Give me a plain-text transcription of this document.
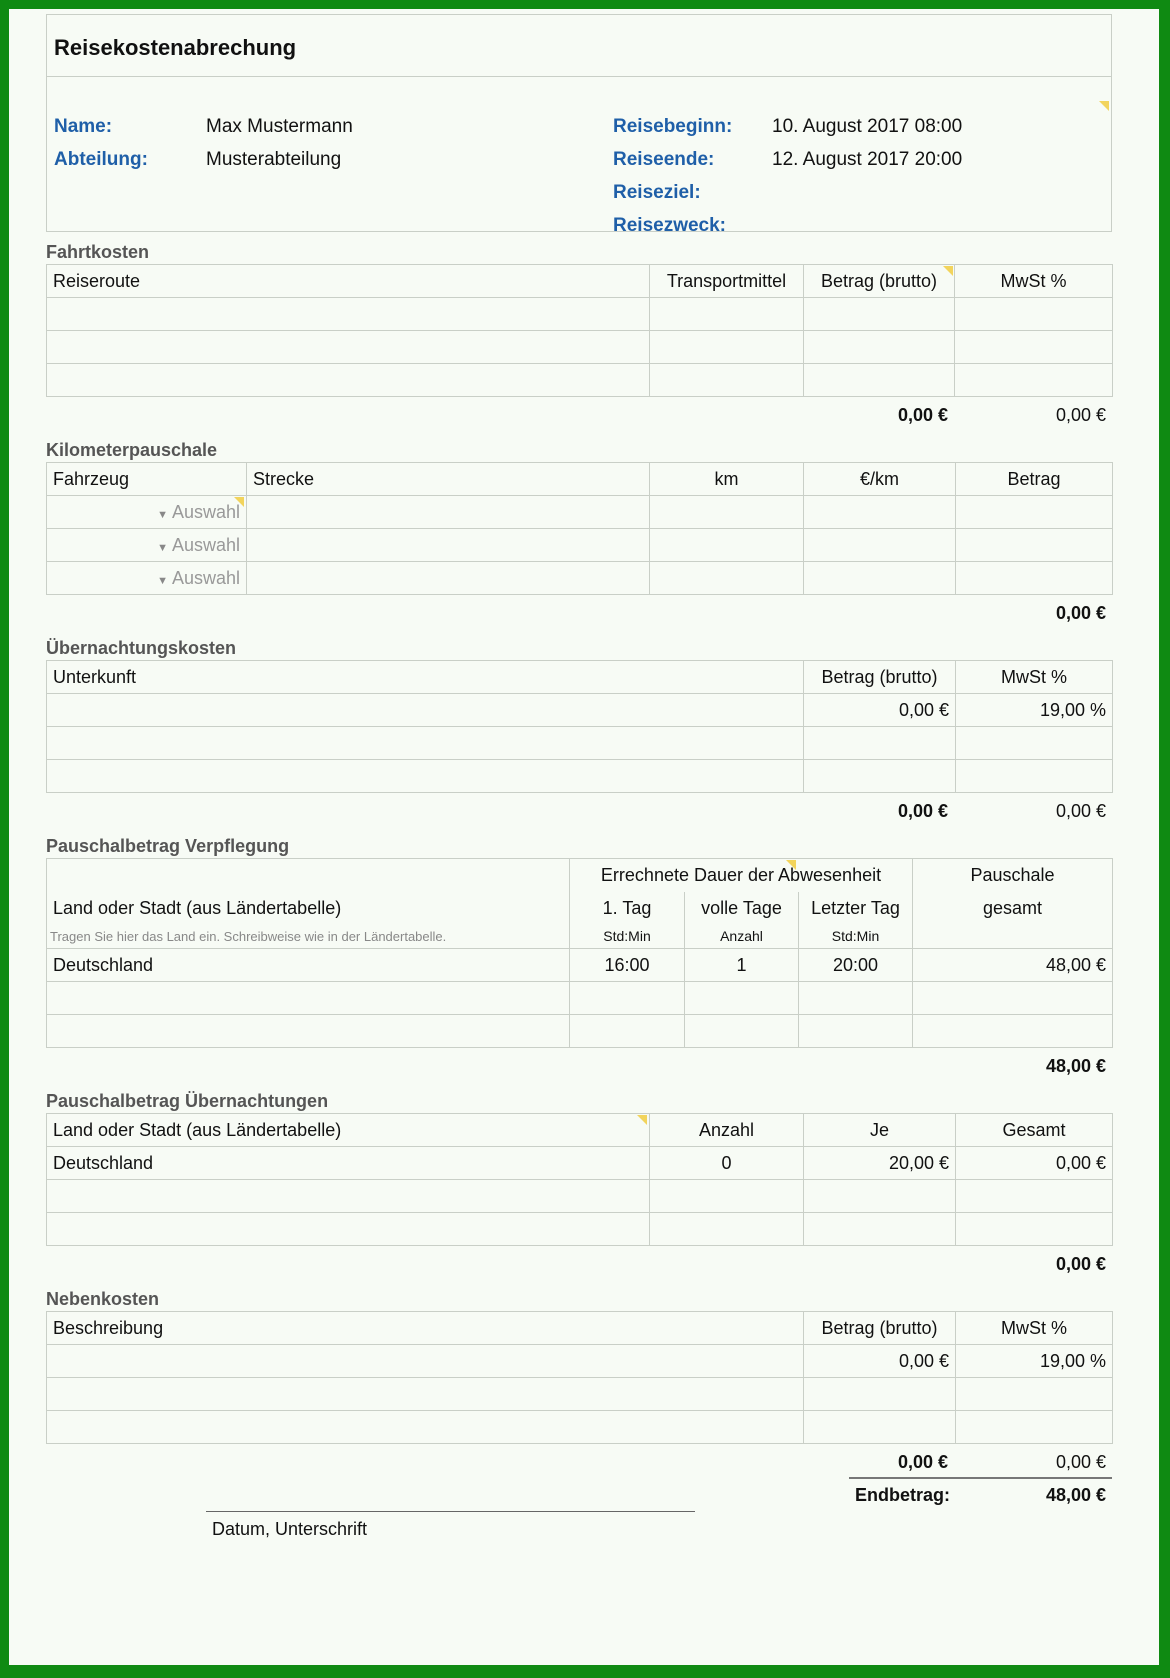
Reisekostenabrechung
Name:	Max Mustermann
Abteilung:	Musterabteilung
Reisebeginn: 10. August 2017 08:00
Reiseende:	12. August 2017 20:00
Reiseziel:
Reisezweck:
Fahrtkosten
Reiseroute	Transportmittel	Betrag (brutto)	MwSt %

0,00 €	0,00 €
Kilometerpauschale
Fahrzeug	Strecke	km	€/km	Betrag
▼ Auswahl				
▼ Auswahl				
▼ Auswahl				
0,00 €
Übernachtungskosten
Unterkunft	Betrag (brutto)	MwSt %
	0,00 €	19,00 %

0,00 €	0,00 €
Pauschalbetrag Verpflegung
	Errechnete Dauer der Abwesenheit			Pauschale
Land oder Stadt (aus Ländertabelle)	1. Tag	volle Tage	Letzter Tag	gesamt
Tragen Sie hier das Land ein. Schreibweise wie in der Ländertabelle.	Std:Min	Anzahl	Std:Min	
Deutschland	16:00	1	20:00	48,00 €

48,00 €
Pauschalbetrag Übernachtungen
Land oder Stadt (aus Ländertabelle)	Anzahl	Je	Gesamt
Deutschland	0	20,00 €	0,00 €

0,00 €
Nebenkosten
Beschreibung	Betrag (brutto)	MwSt %
	0,00 €	19,00 %

0,00 €	0,00 €
Endbetrag:	48,00 €
Datum, Unterschrift
